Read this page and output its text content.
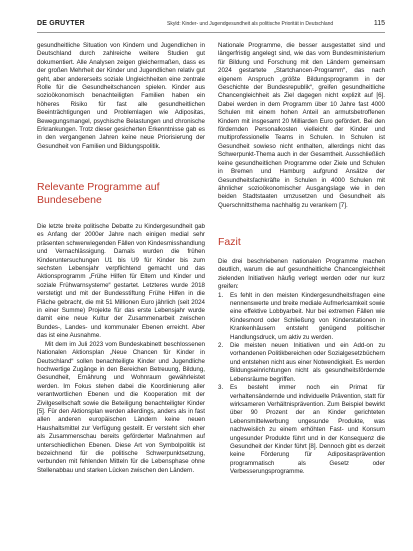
DE GRUYTER	Skyld: Kinder- und Jugendgesundheit als politische Priorität in Deutschland	115

gesundheitliche Situation von Kindern und Jugendlichen in Deutschland durch zahlreiche weitere Studien gut dokumentiert. Alle Analysen zeigen gleichermaßen, dass es der großen Mehrheit der Kinder und Jugendlichen relativ gut geht, aber andererseits soziale Ungleichheiten eine zentrale Rolle für die Gesundheitschancen spielen. Kinder aus sozioökonomisch benachteiligten Familien haben ein höheres Risiko für fast alle gesundheitlichen Beeinträchtigungen und Problemlagen wie Adipositas, Bewegungsmangel, psychische Belastungen und chronische Erkrankungen. Trotz dieser gesicherten Erkenntnisse gab es in den vergangenen Jahren keine neue Priorisierung der Gesundheit von Familien und Bildungspolitik.

Relevante Programme auf Bundesebene

Die letzte breite politische Debatte zu Kindergesundheit gab es Anfang der 2000er Jahre nach einigen medial sehr präsenten schwerwiegenden Fällen von Kindesmisshandlung und Vernachlässigung. Damals wurden die frühen Kinderuntersuchungen U1 bis U9 für Kinder bis zum sechsten Lebensjahr verpflichtend gemacht und das Aktionsprogramm „Frühe Hilfen für Eltern und Kinder und soziale Frühwarnsysteme“ gestartet. Letzteres wurde 2018 verstetigt und mit der Bundesstiftung Frühe Hilfen in die Fläche gebracht, die mit 51 Millionen Euro jährlich (seit 2024 in einer Summe) Projekte für das erste Lebensjahr wurde damit eine neue Kultur der Zusammenarbeit zwischen Bundes-, Landes- und kommunaler Ebenen erreicht. Aber das ist eine Ausnahme.

Mit dem im Juli 2023 vom Bundeskabinett beschlossenen Nationalen Aktionsplan „Neue Chancen für Kinder in Deutschland“ sollen benachteiligte Kinder und Jugendliche hochwertige Zugänge in den Bereichen Betreuung, Bildung, Gesundheit, Ernährung und Wohnraum gewährleistet werden. Im Fokus stehen dabei die Koordinierung aller verantwortlichen Ebenen und die Kooperation mit der Zivilgesellschaft sowie die Beteiligung benachteiligter Kinder [5]. Für den Aktionsplan werden allerdings, anders als in fast allen anderen europäischen Ländern keine neuen Haushaltsmittel zur Verfügung gestellt. Er versteht sich eher als Zusammenschau bereits geförderter Maßnahmen auf unterschiedlichen Ebenen. Diese Art von Symbolpolitik ist bezeichnend für die politische Schwerpunktsetzung, verbunden mit fehlenden Mitteln für die Lebensphase ohne Stellenabbau und starken Lücken zwischen den Ländern.

Nationale Programme, die besser ausgestattet sind und längerfristig angelegt sind, wie das vom Bundesministerium für Bildung und Forschung mit den Ländern gemeinsam 2024 gestartete „Startchancen-Programm“, das nach eigenem Anspruch „größte Bildungsprogramm in der Geschichte der Bundesrepublik“, greifen gesundheitliche Chancengleichheit als Ziel dagegen nicht explizit auf [6]. Dabei werden in dem Programm über 10 Jahre fast 4000 Schulen mit einem hohen Anteil an armutsbetroffenen Kindern mit insgesamt 20 Milliarden Euro gefördert. Bei den fördernden Personalkosten vielleicht der Kinder und multiprofessionelle Teams in Schulen. In Schulen ist Gesundheit sowieso nicht enthalten, allerdings nicht das Schwerpunkt-Thema auch in der Gesamtheit. Ausschließlich keine gesundheitlichen Programme oder Ziele und Schulen in Bremen und Hamburg aufgrund Ansätze der Gesundheitsfachkräfte in Schulen in 4000 Schulen mit ähnlicher sozioökonomischer Ausgangslage wie in den beiden Stadtstaaten umzusetzen und Gesundheit als Querschnittsthema nachhaltig zu verankern [7].

Fazit

Die drei beschriebenen nationalen Programme machen deutlich, warum die auf gesundheitliche Chancengleichheit zielenden Initiativen häufig verlegt werden oder nur kurz greifen:

1. Es fehlt in den meisten Kindergesundheitsfragen eine nennenswerte und breite mediale Aufmerksamkeit sowie eine effektive Lobbyarbeit. Nur bei extremen Fällen wie Kindesmord oder Schließung von Kinderstationen in Krankenhäusern entsteht genügend politischer Handlungsdruck, um aktiv zu werden.
2. Die meisten neuen Initiativen und ein Add-on zu vorhandenen Politikbereichen oder Sozialgesetzbüchern und entstehen nicht aus einer Notwendigkeit. Es werden Bildungseinrichtungen nicht als gesundheitsfördernde Lebensräume begriffen.
3. Es besteht immer noch ein Primat für verhaltensändernde und individuelle Prävention, statt für wirksameren Verhältnisprävention. Zum Beispiel bewirkt über 90 Prozent der an Kinder gerichteten Lebensmittelwerbung ungesunde Produkte, was nachweislich zu einem erhöhten Fast- und Konsum ungesunder Produkte führt und in der Konsequenz die Gesundheit der Kinder führt [8]. Dennoch gibt es derzeit keine Förderung für Adipositasprävention programmatisch als Gesetz oder Verbesserungsprogramme.
